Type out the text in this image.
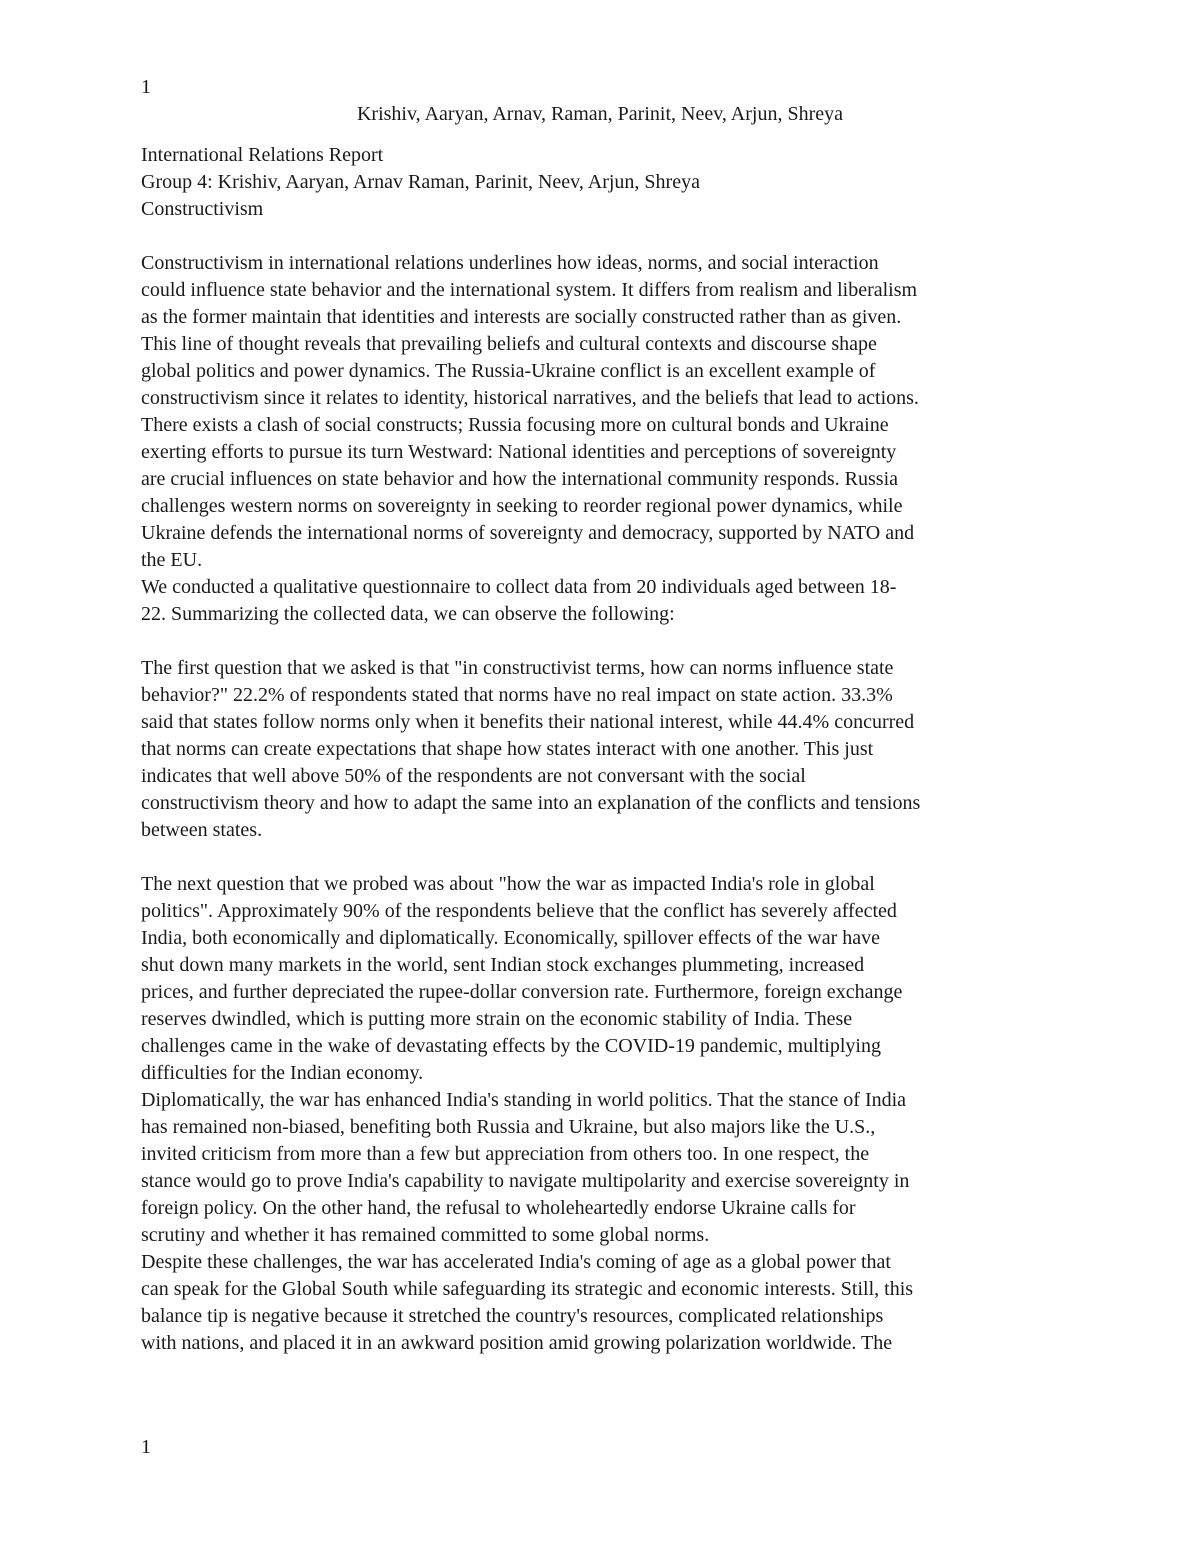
1
Krishiv, Aaryan, Arnav, Raman, Parinit, Neev, Arjun, Shreya
International Relations Report
Group 4: Krishiv, Aaryan, Arnav Raman, Parinit, Neev, Arjun, Shreya
Constructivism
Constructivism in international relations underlines how ideas, norms, and social interaction
could influence state behavior and the international system. It differs from realism and liberalism
as the former maintain that identities and interests are socially constructed rather than as given.
This line of thought reveals that prevailing beliefs and cultural contexts and discourse shape
global politics and power dynamics. The Russia-Ukraine conflict is an excellent example of
constructivism since it relates to identity, historical narratives, and the beliefs that lead to actions.
There exists a clash of social constructs; Russia focusing more on cultural bonds and Ukraine
exerting efforts to pursue its turn Westward: National identities and perceptions of sovereignty
are crucial influences on state behavior and how the international community responds. Russia
challenges western norms on sovereignty in seeking to reorder regional power dynamics, while
Ukraine defends the international norms of sovereignty and democracy, supported by NATO and
the EU.
We conducted a qualitative questionnaire to collect data from 20 individuals aged between 18-
22. Summarizing the collected data, we can observe the following:
The first question that we asked is that "in constructivist terms, how can norms influence state
behavior?" 22.2% of respondents stated that norms have no real impact on state action. 33.3%
said that states follow norms only when it benefits their national interest, while 44.4% concurred
that norms can create expectations that shape how states interact with one another. This just
indicates that well above 50% of the respondents are not conversant with the social
constructivism theory and how to adapt the same into an explanation of the conflicts and tensions
between states.
The next question that we probed was about "how the war as impacted India's role in global
politics". Approximately 90% of the respondents believe that the conflict has severely affected
India, both economically and diplomatically. Economically, spillover effects of the war have
shut down many markets in the world, sent Indian stock exchanges plummeting, increased
prices, and further depreciated the rupee-dollar conversion rate. Furthermore, foreign exchange
reserves dwindled, which is putting more strain on the economic stability of India. These
challenges came in the wake of devastating effects by the COVID-19 pandemic, multiplying
difficulties for the Indian economy.
Diplomatically, the war has enhanced India's standing in world politics. That the stance of India
has remained non-biased, benefiting both Russia and Ukraine, but also majors like the U.S.,
invited criticism from more than a few but appreciation from others too. In one respect, the
stance would go to prove India's capability to navigate multipolarity and exercise sovereignty in
foreign policy. On the other hand, the refusal to wholeheartedly endorse Ukraine calls for
scrutiny and whether it has remained committed to some global norms.
Despite these challenges, the war has accelerated India's coming of age as a global power that
can speak for the Global South while safeguarding its strategic and economic interests. Still, this
balance tip is negative because it stretched the country's resources, complicated relationships
with nations, and placed it in an awkward position amid growing polarization worldwide. The
1
